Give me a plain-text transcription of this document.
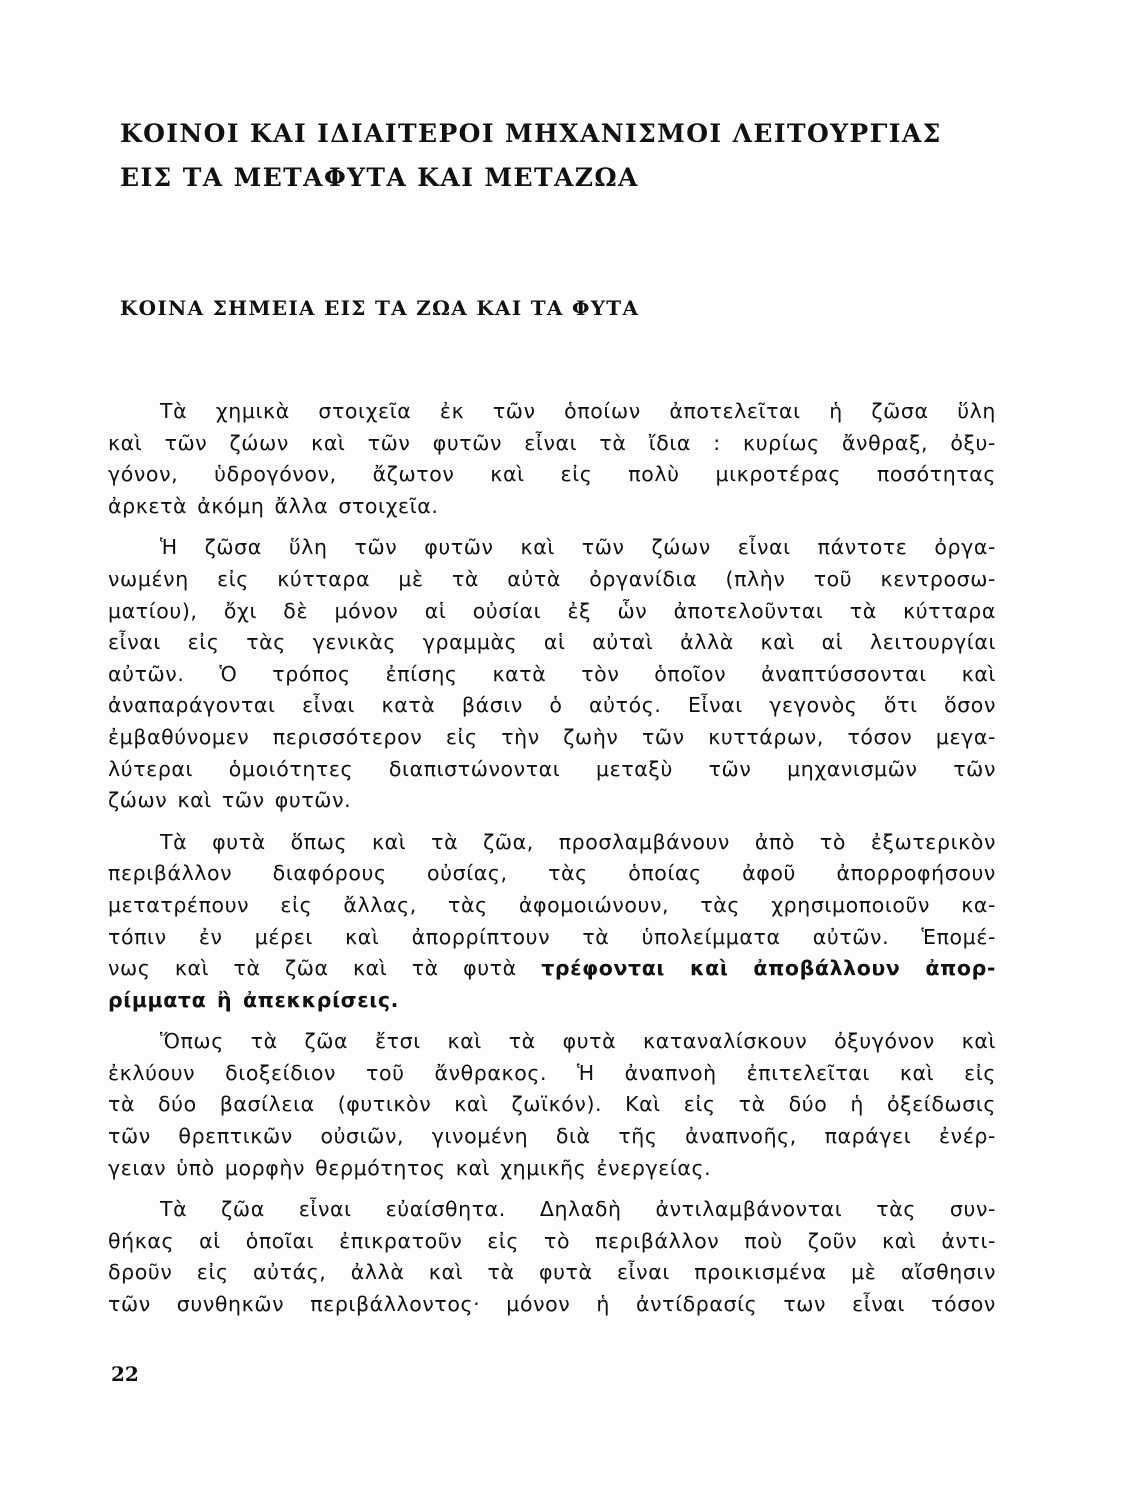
ΚΟΙΝΟΙ ΚΑΙ ΙΔΙΑΙΤΕΡΟΙ ΜΗΧΑΝΙΣΜΟΙ ΛΕΙΤΟΥΡΓΙΑΣ
ΕΙΣ ΤΑ ΜΕΤΑΦΥΤΑ ΚΑΙ ΜΕΤΑΖΩΑ
ΚΟΙΝΑ ΣΗΜΕΙΑ ΕΙΣ ΤΑ ΖΩΑ ΚΑΙ ΤΑ ΦΥΤΑ

Τὰ χημικὰ στοιχεῖα ἐκ τῶν ὁποίων ἀποτελεῖται ἡ ζῶσα ὕλη
καὶ τῶν ζώων καὶ τῶν φυτῶν εἶναι τὰ ἴδια : κυρίως ἄνθραξ, ὀξυ-
γόνον, ὑδρογόνον, ἄζωτον καὶ εἰς πολὺ μικροτέρας ποσότητας
ἀρκετὰ ἀκόμη ἄλλα στοιχεῖα.

Ἡ ζῶσα ὕλη τῶν φυτῶν καὶ τῶν ζώων εἶναι πάντοτε ὀργα-
νωμένη εἰς κύτταρα μὲ τὰ αὐτὰ ὀργανίδια (πλὴν τοῦ κεντροσω-
ματίου), ὄχι δὲ μόνον αἱ οὐσίαι ἐξ ὧν ἀποτελοῦνται τὰ κύτταρα
εἶναι εἰς τὰς γενικὰς γραμμὰς αἱ αὐταὶ ἀλλὰ καὶ αἱ λειτουργίαι
αὐτῶν. Ὁ τρόπος ἐπίσης κατὰ τὸν ὁποῖον ἀναπτύσσονται καὶ
ἀναπαράγονται εἶναι κατὰ βάσιν ὁ αὐτός. Εἶναι γεγονὸς ὅτι ὅσον
ἐμβαθύνομεν περισσότερον εἰς τὴν ζωὴν τῶν κυττάρων, τόσον μεγα-
λύτεραι ὁμοιότητες διαπιστώνονται μεταξὺ τῶν μηχανισμῶν τῶν
ζώων καὶ τῶν φυτῶν.

Τὰ φυτὰ ὅπως καὶ τὰ ζῶα, προσλαμβάνουν ἀπὸ τὸ ἐξωτερικὸν
περιβάλλον διαφόρους οὐσίας, τὰς ὁποίας ἀφοῦ ἀπορροφήσουν
μετατρέπουν εἰς ἄλλας, τὰς ἀφομοιώνουν, τὰς χρησιμοποιοῦν κα-
τόπιν ἐν μέρει καὶ ἀπορρίπτουν τὰ ὑπολείμματα αὐτῶν. Ἑπομέ-
νως καὶ τὰ ζῶα καὶ τὰ φυτὰ τρέφονται καὶ ἀποβάλλουν ἀπορ-
ρίμματα ἢ ἀπεκκρίσεις.

Ὅπως τὰ ζῶα ἔτσι καὶ τὰ φυτὰ καταναλίσκουν ὀξυγόνον καὶ
ἐκλύουν διοξείδιον τοῦ ἄνθρακος. Ἡ ἀναπνοὴ ἐπιτελεῖται καὶ εἰς
τὰ δύο βασίλεια (φυτικὸν καὶ ζωϊκόν). Καὶ εἰς τὰ δύο ἡ ὀξείδωσις
τῶν θρεπτικῶν οὐσιῶν, γινομένη διὰ τῆς ἀναπνοῆς, παράγει ἐνέρ-
γειαν ὑπὸ μορφὴν θερμότητος καὶ χημικῆς ἐνεργείας.

Τὰ ζῶα εἶναι εὐαίσθητα. Δηλαδὴ ἀντιλαμβάνονται τὰς συν-
θήκας αἱ ὁποῖαι ἐπικρατοῦν εἰς τὸ περιβάλλον ποὺ ζοῦν καὶ ἀντι-
δροῦν εἰς αὐτάς, ἀλλὰ καὶ τὰ φυτὰ εἶναι προικισμένα μὲ αἴσθησιν
τῶν συνθηκῶν περιβάλλοντος· μόνον ἡ ἀντίδρασίς των εἶναι τόσον

22
